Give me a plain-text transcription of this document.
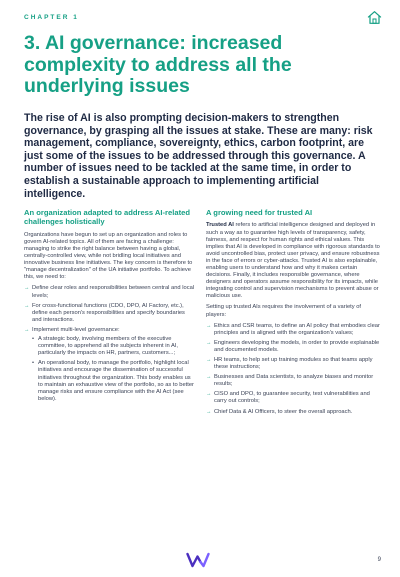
CHAPTER 1
3. AI governance: increased complexity to address all the underlying issues

The rise of AI is also prompting decision-makers to strengthen governance, by grasping all the issues at stake. These are many: risk management, compliance, sovereignty, ethics, carbon footprint, are just some of the issues to be addressed through this governance. A number of issues need to be tackled at the same time, in order to establish a sustainable approach to implementing artificial intelligence.

An organization adapted to address AI-related challenges holistically

Organizations have begun to set up an organization and roles to govern AI-related topics. All of them are facing a challenge: managing to strike the right balance between having a global, centrally-controlled view, while not bridling local initiatives and innovative business line initiatives. The key concern is therefore to "manage decentralization" of the UA initiative portfolio. To achieve this, we need to:

→ Define clear roles and responsibilities between central and local levels;
→ For cross-functional functions (CDO, DPO, AI Factory, etc.), define each person's responsibilities and specify boundaries and interactions.
→ Implement multi-level governance:
• A strategic body, involving members of the executive committee, to apprehend all the subjects inherent in AI, particularly the impacts on HR, partners, customers...;
• An operational body, to manage the portfolio, highlight local initiatives and encourage the dissemination of successful initiatives throughout the organization. This body enables us to maintain an exhaustive view of the portfolio, so as to better manage risks and ensure compliance with the AI Act (see below).
A growing need for trusted AI

Trusted AI refers to artificial intelligence designed and deployed in such a way as to guarantee high levels of transparency, safety, fairness, and respect for human rights and ethical values. This implies that AI is developed in compliance with rigorous standards to avoid uncontrolled bias, protect user privacy, and ensure robustness in the face of errors or cyber-attacks. Trusted AI is also explainable, enabling users to understand how and why it makes certain decisions. Finally, it includes responsible governance, where designers and operators assume responsibility for its impacts, while integrating control and supervision mechanisms to prevent abuse or malicious use.

Setting up trusted AIs requires the involvement of a variety of players:

→ Ethics and CSR teams, to define an AI policy that embodies clear principles and is aligned with the organization's values;
→ Engineers developing the models, in order to provide explainable and documented models.
→ HR teams, to help set up training modules so that teams apply these instructions;
→ Businesses and Data scientists, to analyze biases and monitor results;
→ CISO and DPO, to guarantee security, test vulnerabilities and carry out controls;
→ Chief Data & AI Officers, to steer the overall approach.
9
